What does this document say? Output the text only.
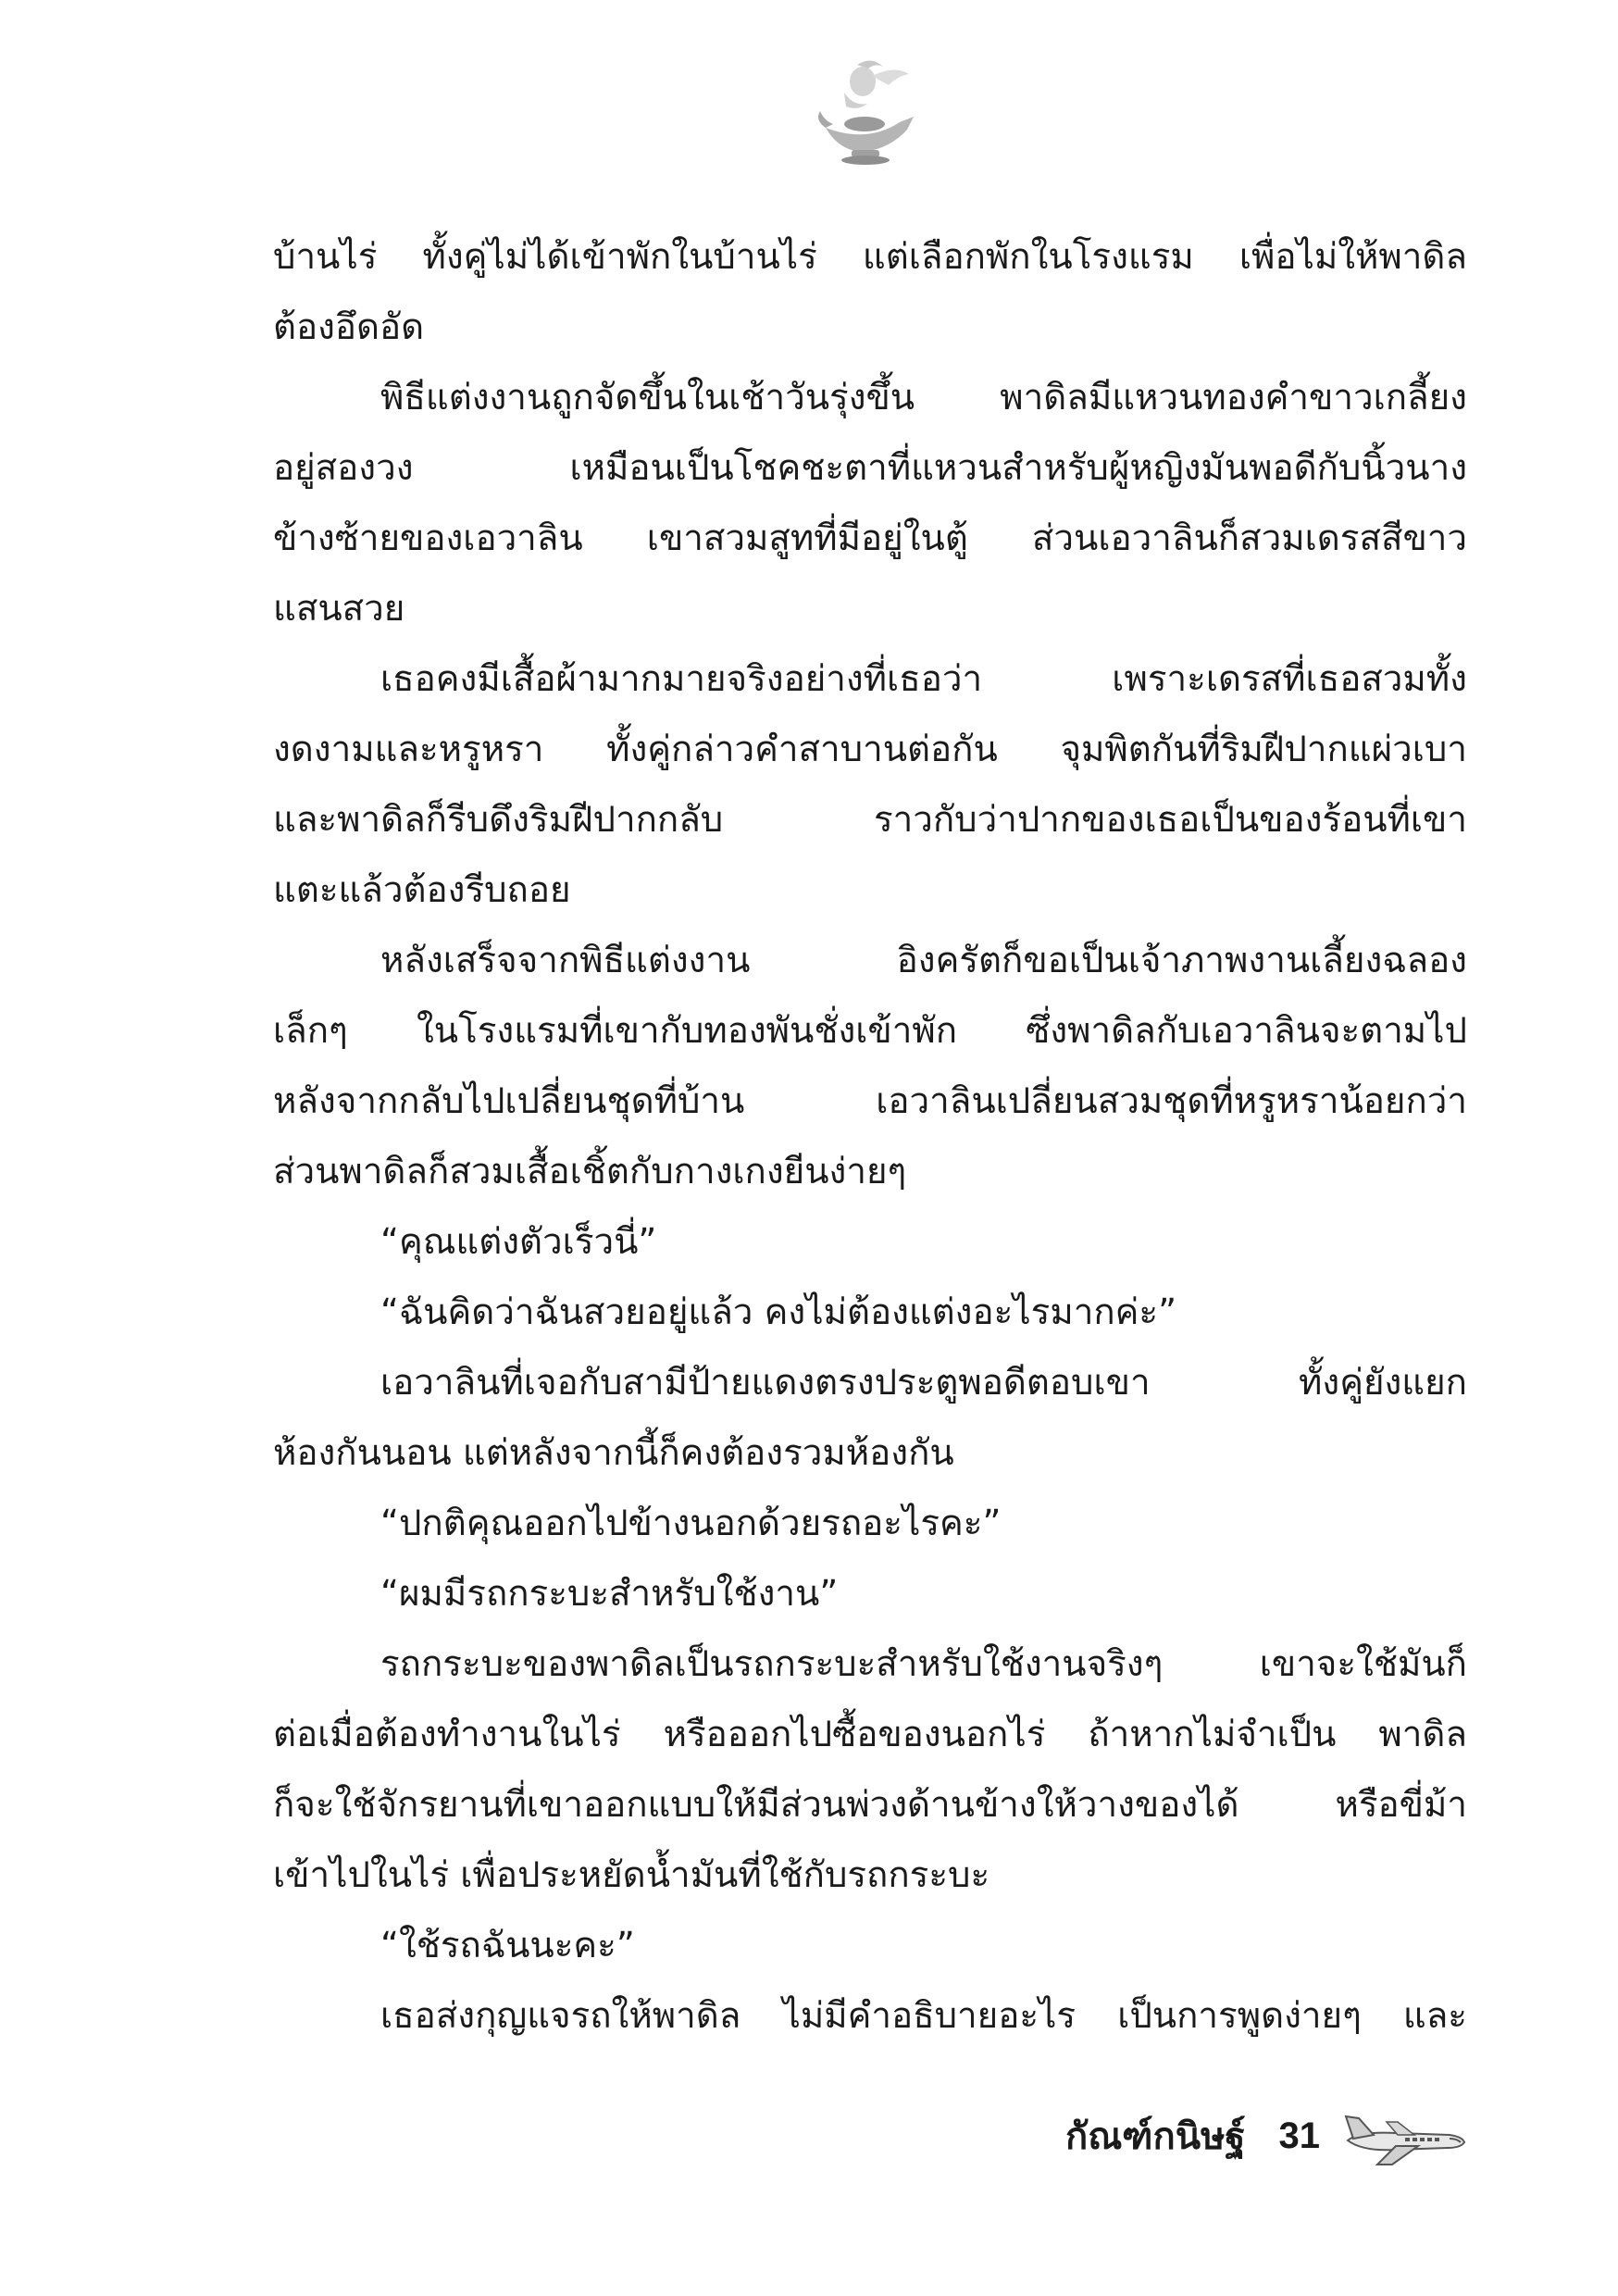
บ้านไร่ ทั้งคู่ไม่ได้เข้าพักในบ้านไร่ แต่เลือกพักในโรงแรม เพื่อไม่ให้พาดิล
ต้องอึดอัด
พิธีแต่งงานถูกจัดขึ้นในเช้าวันรุ่งขึ้น พาดิลมีแหวนทองคำขาวเกลี้ยง
อยู่สองวง เหมือนเป็นโชคชะตาที่แหวนสำหรับผู้หญิงมันพอดีกับนิ้วนาง
ข้างซ้ายของเอวาลิน เขาสวมสูทที่มีอยู่ในตู้ ส่วนเอวาลินก็สวมเดรสสีขาว
แสนสวย
เธอคงมีเสื้อผ้ามากมายจริงอย่างที่เธอว่า เพราะเดรสที่เธอสวมทั้ง
งดงามและหรูหรา ทั้งคู่กล่าวคำสาบานต่อกัน จุมพิตกันที่ริมฝีปากแผ่วเบา
และพาดิลก็รีบดึงริมฝีปากกลับ ราวกับว่าปากของเธอเป็นของร้อนที่เขา
แตะแล้วต้องรีบถอย
หลังเสร็จจากพิธีแต่งงาน อิงครัตก็ขอเป็นเจ้าภาพงานเลี้ยงฉลอง
เล็กๆ ในโรงแรมที่เขากับทองพันชั่งเข้าพัก ซึ่งพาดิลกับเอวาลินจะตามไป
หลังจากกลับไปเปลี่ยนชุดที่บ้าน เอวาลินเปลี่ยนสวมชุดที่หรูหราน้อยกว่า
ส่วนพาดิลก็สวมเสื้อเชิ้ตกับกางเกงยีนง่ายๆ
“คุณแต่งตัวเร็วนี่”
“ฉันคิดว่าฉันสวยอยู่แล้ว คงไม่ต้องแต่งอะไรมากค่ะ”
เอวาลินที่เจอกับสามีป้ายแดงตรงประตูพอดีตอบเขา ทั้งคู่ยังแยก
ห้องกันนอน แต่หลังจากนี้ก็คงต้องรวมห้องกัน
“ปกติคุณออกไปข้างนอกด้วยรถอะไรคะ”
“ผมมีรถกระบะสำหรับใช้งาน”
รถกระบะของพาดิลเป็นรถกระบะสำหรับใช้งานจริงๆ เขาจะใช้มันก็
ต่อเมื่อต้องทำงานในไร่ หรือออกไปซื้อของนอกไร่ ถ้าหากไม่จำเป็น พาดิล
ก็จะใช้จักรยานที่เขาออกแบบให้มีส่วนพ่วงด้านข้างให้วางของได้ หรือขี่ม้า
เข้าไปในไร่ เพื่อประหยัดน้ำมันที่ใช้กับรถกระบะ
“ใช้รถฉันนะคะ”
เธอส่งกุญแจรถให้พาดิล ไม่มีคำอธิบายอะไร เป็นการพูดง่ายๆ และ
กัณฑ์กนิษฐ์ 31
